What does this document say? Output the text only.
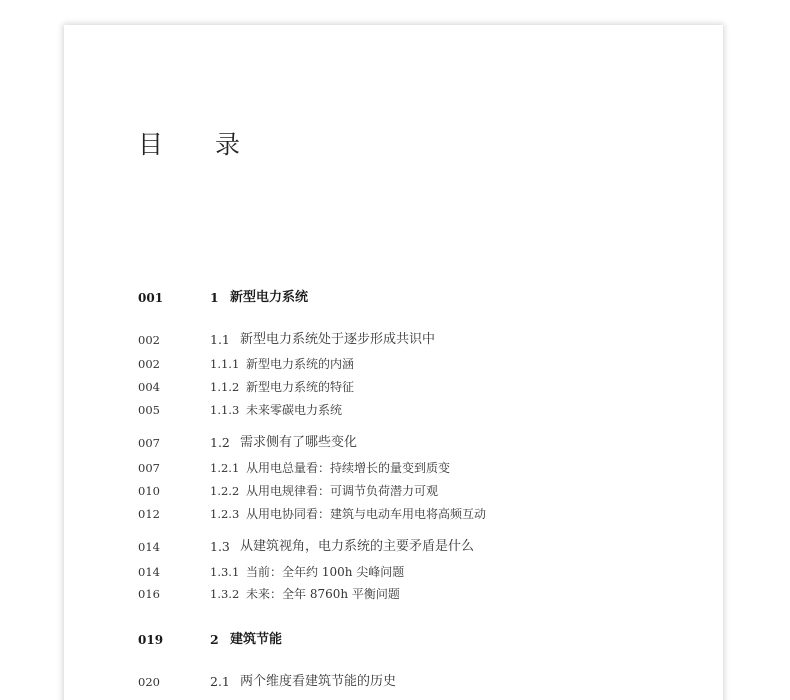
目 录
001	1 新型电力系统
002	1.1 新型电力系统处于逐步形成共识中
002	1.1.1 新型电力系统的内涵
004	1.1.2 新型电力系统的特征
005	1.1.3 未来零碳电力系统
007	1.2 需求侧有了哪些变化
007	1.2.1 从用电总量看：持续增长的量变到质变
010	1.2.2 从用电规律看：可调节负荷潜力可观
012	1.2.3 从用电协同看：建筑与电动车用电将高频互动
014	1.3 从建筑视角，电力系统的主要矛盾是什么
014	1.3.1 当前：全年约 100h 尖峰问题
016	1.3.2 未来：全年 8760h 平衡问题
019	2 建筑节能
020	2.1 两个维度看建筑节能的历史
